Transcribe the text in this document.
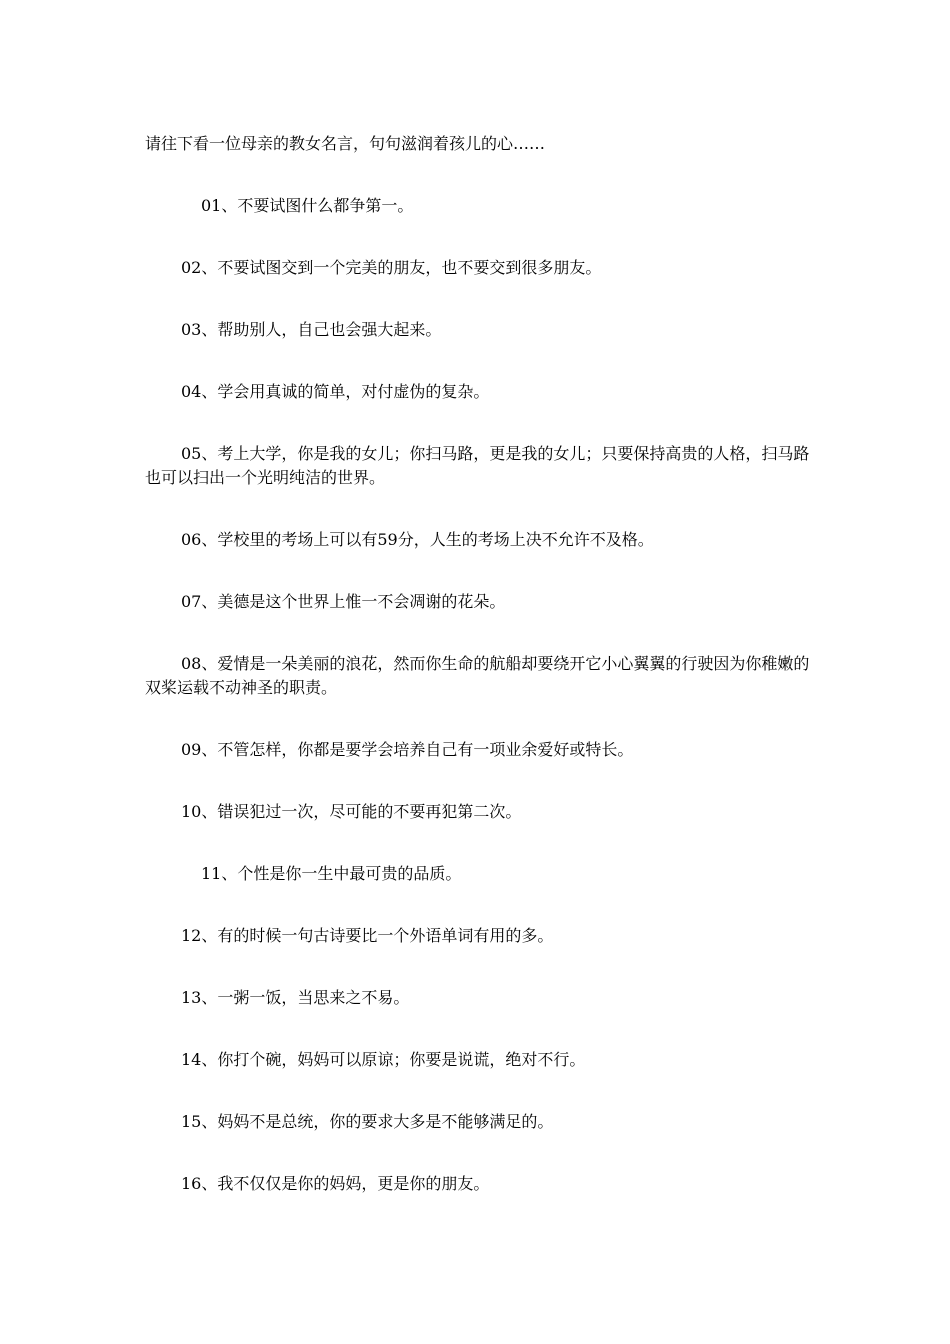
请往下看一位母亲的教女名言，句句滋润着孩儿的心……
01、不要试图什么都争第一。
02、不要试图交到一个完美的朋友，也不要交到很多朋友。
03、帮助别人，自己也会强大起来。
04、学会用真诚的简单，对付虚伪的复杂。
05、考上大学，你是我的女儿；你扫马路，更是我的女儿；只要保持高贵的人格，扫马路也可以扫出一个光明纯洁的世界。
06、学校里的考场上可以有59分，人生的考场上决不允许不及格。
07、美德是这个世界上惟一不会凋谢的花朵。
08、爱情是一朵美丽的浪花，然而你生命的航船却要绕开它小心翼翼的行驶因为你稚嫩的双桨运载不动神圣的职责。
09、不管怎样，你都是要学会培养自己有一项业余爱好或特长。
10、错误犯过一次，尽可能的不要再犯第二次。
11、个性是你一生中最可贵的品质。
12、有的时候一句古诗要比一个外语单词有用的多。
13、一粥一饭，当思来之不易。
14、你打个碗，妈妈可以原谅；你要是说谎，绝对不行。
15、妈妈不是总统，你的要求大多是不能够满足的。
16、我不仅仅是你的妈妈，更是你的朋友。
